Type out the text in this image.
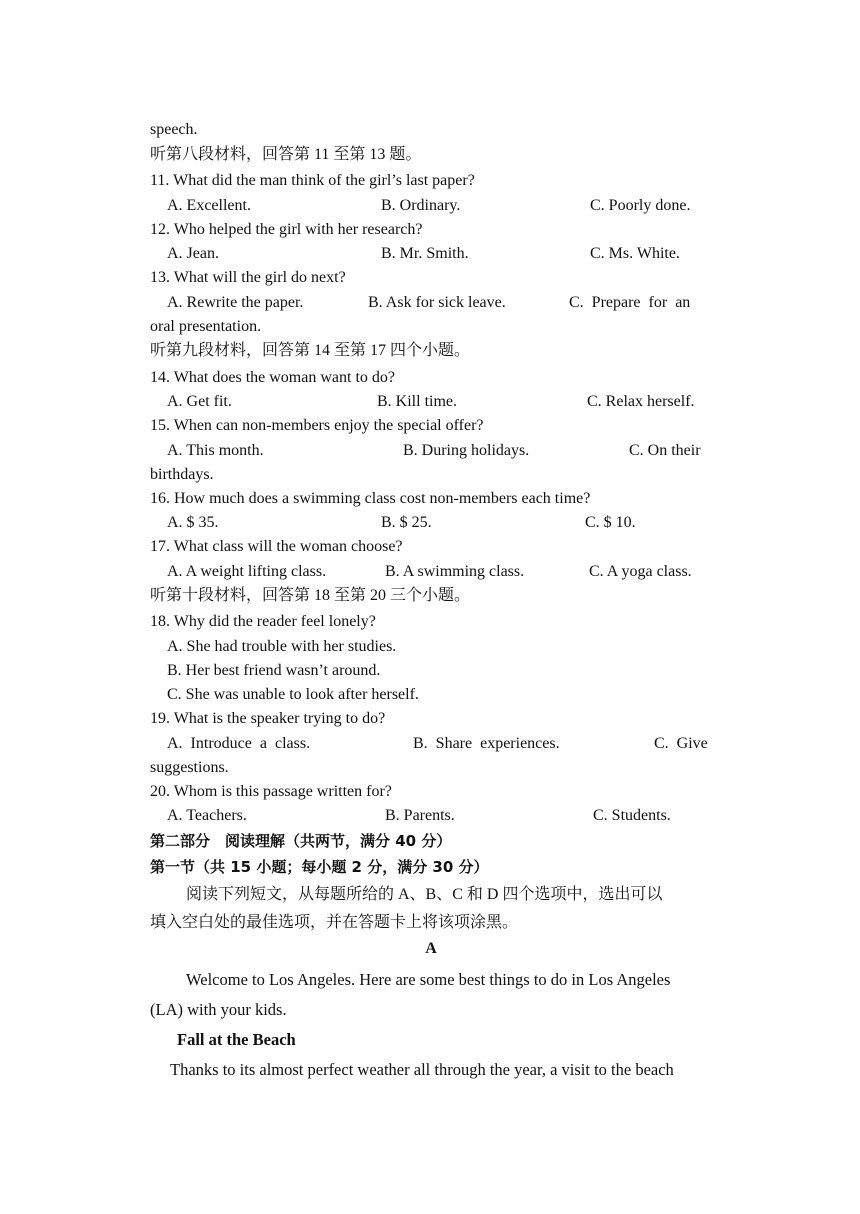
speech.
听第八段材料，回答第 11 至第 13 题。
11. What did the man think of the girl’s last paper?
A. Excellent.	B. Ordinary.	C. Poorly done.
12. Who helped the girl with her research?
A. Jean.	B. Mr. Smith.	C. Ms. White.
13. What will the girl do next?
A. Rewrite the paper.	B. Ask for sick leave.	C.  Prepare  for  an
oral presentation.
听第九段材料，回答第 14 至第 17 四个小题。
14. What does the woman want to do?
A. Get fit.	B. Kill time.	C. Relax herself.
15. When can non-members enjoy the special offer?
A. This month.	B. During holidays.	C. On their
birthdays.
16. How much does a swimming class cost non-members each time?
A. $ 35.	B. $ 25.	C. $ 10.
17. What class will the woman choose?
A. A weight lifting class.	B. A swimming class.	C. A yoga class.
听第十段材料，回答第 18 至第 20 三个小题。
18. Why did the reader feel lonely?
A. She had trouble with her studies.
B. Her best friend wasn’t around.
C. She was unable to look after herself.
19. What is the speaker trying to do?
A.  Introduce  a  class.	B.  Share  experiences.	C.  Give
suggestions.
20. Whom is this passage written for?
A. Teachers.	B. Parents.	C. Students.
第二部分　阅读理解（共两节，满分 40 分）
第一节（共 15 小题；每小题 2 分，满分 30 分）
阅读下列短文，从每题所给的 A、B、C 和 D 四个选项中，选出可以
填入空白处的最佳选项，并在答题卡上将该项涂黑。
A
Welcome to Los Angeles. Here are some best things to do in Los Angeles
(LA) with your kids.
Fall at the Beach
Thanks to its almost perfect weather all through the year, a visit to the beach
